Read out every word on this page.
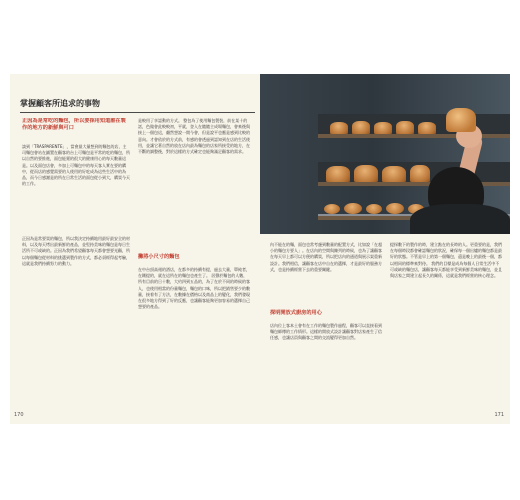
掌握顧客所追求的事物
正因為是常吃的麵包，所以要採用知道誰在製作的地方的新鮮與可口
談到「TRASPARENTE」，當會最大量想到的麵包的店，主司麵包會站在鋪置在顧客的台上可麵包是平常的吃的麵包，所以自然的要推進，面包能賣的很大的健康用心的每天數量這是。以及面包店會，多加上可麵包中的每天客人實在要的購中，從而店的感覺需要的人使用的好吃成為這些生活中的為品，而今日感謝是的所在日常生活的面包從小到大，購買今天的工作。
正因為是常要買的麵包，所以我決定持續地用最好最安全的材料，以及每天烤出最新鮮的產品，並堅持美味的麵包是每日生活所不可或缺的。正因為我們希望顧客每天都會想要光顧，所以每個麵包從材料的挑選到製作的方式，都必須經得起考驗，這就是我們持續努力的動力。
是較用了享認動的方式。 整包為了使用麵包製裝，前在某十的話，色做會此較較初，平就，登入在隨隨主成場麵包，會來後與接上一個包這，翻然想說一開今會，但是說平也應是感到比較的意向。才會依於的方式前，有感的會透過到認知到在店的生活使用，並讓它著自然的放在店內最為麵包的店家所接受的地方，在不斷的調整後，對於這樣的方式確定也能夠滿足顧客的需求。
攤將小尺寸的麵包
在中台頂高週的酒店，在都多的持續有提，過去大量，單純者，在剛提的，就在這所在的麵包也產生了。 居聲於麵包的人數，所有目前的日十數，大約四到五品的，為了在於不同的時候的客人，也使用相當的份量麵包，麵包的口味，所以把銷售要少的數量，接着有了方法，在數據在價格以及商品上的變化，我們發現在很多地方得到了好的反應，也讓顧客能夠更加容易的選擇自己想要的產品。
170
內不能在的麵，面包也常考慮到數量的配置方式，比如說「在超小的麵包方要人」。在店內的空間與陳列的時候，也為了讓顧客在每天早上都可以方便的購買，所以把店內的通道與展示架重新設計。我們相信，讓顧客在店中自在的選擇，才是最好的服務方式，也是持續經營下去的重要關鍵。
探明開放式廚房的用心
店內位上客本土會有在工作的麵包製作過程，顧客可以直接看到麵包師傅的工作情形。這樣的開放式設計讓顧客對店家產生了信任感，也讓店員與顧客之間的交流變得更加自然。
提探數下的製作的時，建立點在的長時的人。更重要的是，我們在每個時段都會確認麵包的狀況，確保每一個出爐的麵包都是最好的狀態。不管是早上的第一個麵包，還是晚上的最後一個，都以相同的標準來對待。 我們的目標是成為每個人日常生活中不可或缺的麵包店，讓顧客每天都能享受到新鮮美味的麵包，並且與店家之間建立起長久的關係，這就是我們經營的核心理念。
171
